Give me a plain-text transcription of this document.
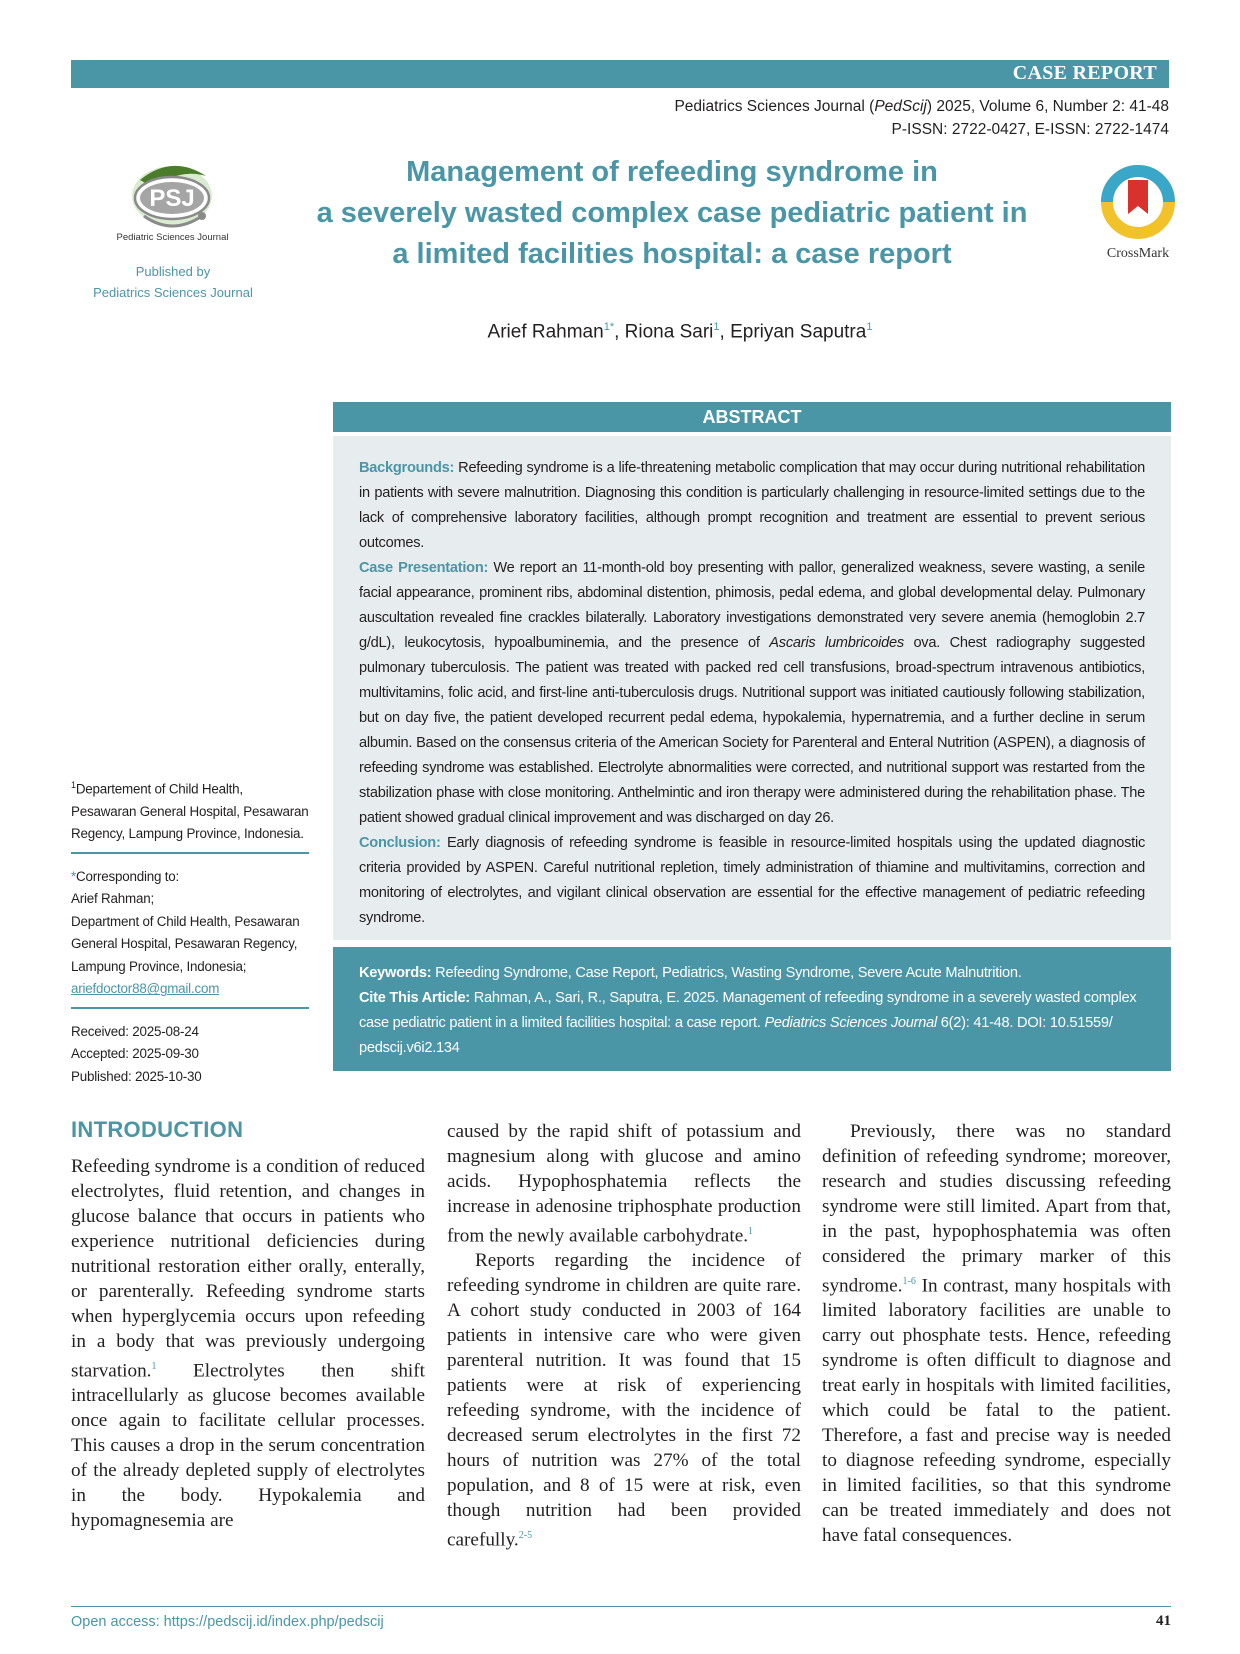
CASE REPORT
Pediatrics Sciences Journal (PedScij) 2025, Volume 6, Number 2: 41-48
P-ISSN: 2722-0427, E-ISSN: 2722-1474
PSJ
Pediatric Sciences Journal
Published by
Pediatrics Sciences Journal
Management of refeeding syndrome in
a severely wasted complex case pediatric patient in
a limited facilities hospital: a case report	CrossMark
Arief Rahman$^{1*}$, Riona Sari$^1$, Epriyan Saputra$^1$
ABSTRACT

Backgrounds: Refeeding syndrome is a life-threatening metabolic complication that may occur during nutritional rehabilitation in patients with severe malnutrition. Diagnosing this condition is particularly challenging in resource-limited settings due to the lack of comprehensive laboratory facilities, although prompt recognition and treatment are essential to prevent serious outcomes.

Case Presentation: We report an 11-month-old boy presenting with pallor, generalized weakness, severe wasting, a senile facial appearance, prominent ribs, abdominal distention, phimosis, pedal edema, and global developmental delay. Pulmonary auscultation revealed fine crackles bilaterally. Laboratory investigations demonstrated very severe anemia (hemoglobin 2.7 g/dL), leukocytosis, hypoalbuminemia, and the presence of Ascaris lumbricoides ova. Chest radiography suggested pulmonary tuberculosis. The patient was treated with packed red cell transfusions, broad-spectrum intravenous antibiotics, multivitamins, folic acid, and first-line anti-tuberculosis drugs. Nutritional support was initiated cautiously following stabilization, but on day five, the patient developed recurrent pedal edema, hypokalemia, hypernatremia, and a further decline in serum albumin. Based on the consensus criteria of the American Society for Parenteral and Enteral Nutrition (ASPEN), a diagnosis of refeeding syndrome was established. Electrolyte abnormalities were corrected, and nutritional support was restarted from the stabilization phase with close monitoring. Anthelmintic and iron therapy were administered during the rehabilitation phase. The patient showed gradual clinical improvement and was discharged on day 26.

Conclusion: Early diagnosis of refeeding syndrome is feasible in resource-limited hospitals using the updated diagnostic criteria provided by ASPEN. Careful nutritional repletion, timely administration of thiamine and multivitamins, correction and monitoring of electrolytes, and vigilant clinical observation are essential for the effective management of pediatric refeeding syndrome.

Keywords: Refeeding Syndrome, Case Report, Pediatrics, Wasting Syndrome, Severe Acute Malnutrition.
Cite This Article: Rahman, A., Sari, R., Saputra, E. 2025. Management of refeeding syndrome in a severely wasted complex case pediatric patient in a limited facilities hospital: a case report. Pediatrics Sciences Journal 6(2): 41-48. DOI: 10.51559/ pedscij.v6i2.134
$^1$Departement of Child Health, Pesawaran General Hospital, Pesawaran Regency, Lampung Province, Indonesia.
*Corresponding to:
Arief Rahman;
Department of Child Health, Pesawaran General Hospital, Pesawaran Regency, Lampung Province, Indonesia;
ariefdoctor88@gmail.com
Received: 2025-08-24
Accepted: 2025-09-30
Published: 2025-10-30
INTRODUCTION

Refeeding syndrome is a condition of reduced electrolytes, fluid retention, and changes in glucose balance that occurs in patients who experience nutritional deficiencies during nutritional restoration either orally, enterally, or parenterally. Refeeding syndrome starts when hyperglycemia occurs upon refeeding in a body that was previously undergoing starvation.$^1$ Electrolytes then shift intracellularly as glucose becomes available once again to facilitate cellular processes. This causes a drop in the serum concentration of the already depleted supply of electrolytes in the body. Hypokalemia and hypomagnesemia are

caused by the rapid shift of potassium and magnesium along with glucose and amino acids. Hypophosphatemia reflects the increase in adenosine triphosphate production from the newly available carbohydrate.$^1$

Reports regarding the incidence of refeeding syndrome in children are quite rare. A cohort study conducted in 2003 of 164 patients in intensive care who were given parenteral nutrition. It was found that 15 patients were at risk of experiencing refeeding syndrome, with the incidence of decreased serum electrolytes in the first 72 hours of nutrition was 27% of the total population, and 8 of 15 were at risk, even though nutrition had been provided carefully.$^{2-5}$

Previously, there was no standard definition of refeeding syndrome; moreover, research and studies discussing refeeding syndrome were still limited. Apart from that, in the past, hypophosphatemia was often considered the primary marker of this syndrome.$^{1-6}$ In contrast, many hospitals with limited laboratory facilities are unable to carry out phosphate tests. Hence, refeeding syndrome is often difficult to diagnose and treat early in hospitals with limited facilities, which could be fatal to the patient. Therefore, a fast and precise way is needed to diagnose refeeding syndrome, especially in limited facilities, so that this syndrome can be treated immediately and does not have fatal consequences.

Open access: https://pedscij.id/index.php/pedscij	41
